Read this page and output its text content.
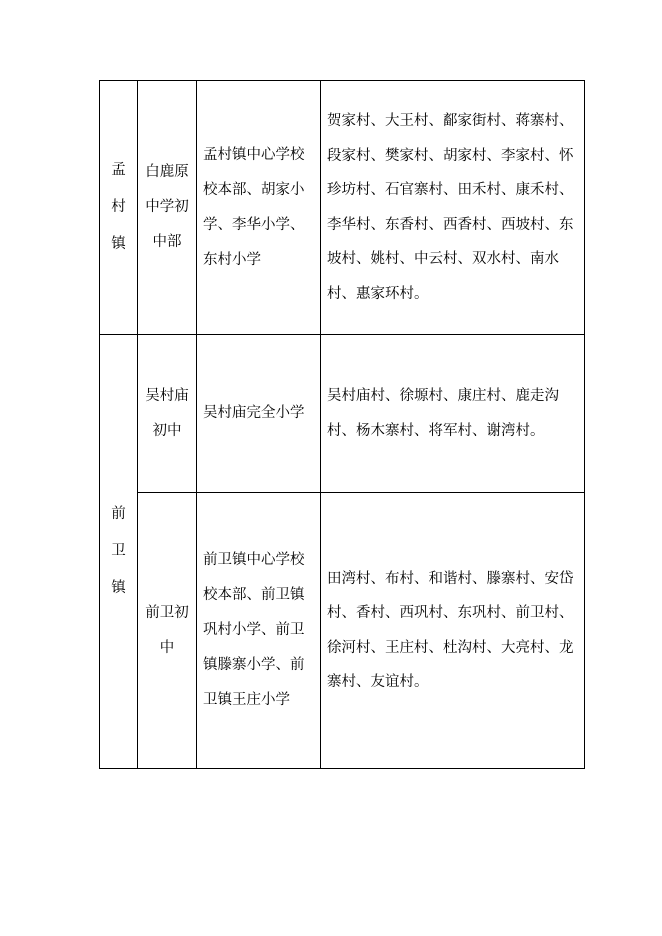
孟村镇	白鹿原中学初中部	孟村镇中心学校校本部、胡家小学、李华小学、东村小学	贺家村、大王村、鄐家街村、蒋寨村、段家村、樊家村、胡家村、李家村、怀珍坊村、石官寨村、田禾村、康禾村、李华村、东香村、西香村、西坡村、东坡村、姚村、中云村、双水村、南水村、惠家环村。

前卫镇	吴村庙初中	吴村庙完全小学	吴村庙村、徐塬村、康庄村、鹿走沟村、杨木寨村、将军村、谢湾村。

	前卫初中	前卫镇中心学校校本部、前卫镇巩村小学、前卫镇滕寨小学、前卫镇王庄小学	田湾村、布村、和谐村、滕寨村、安岱村、香村、西巩村、东巩村、前卫村、徐河村、王庄村、杜沟村、大亮村、龙寨村、友谊村。
